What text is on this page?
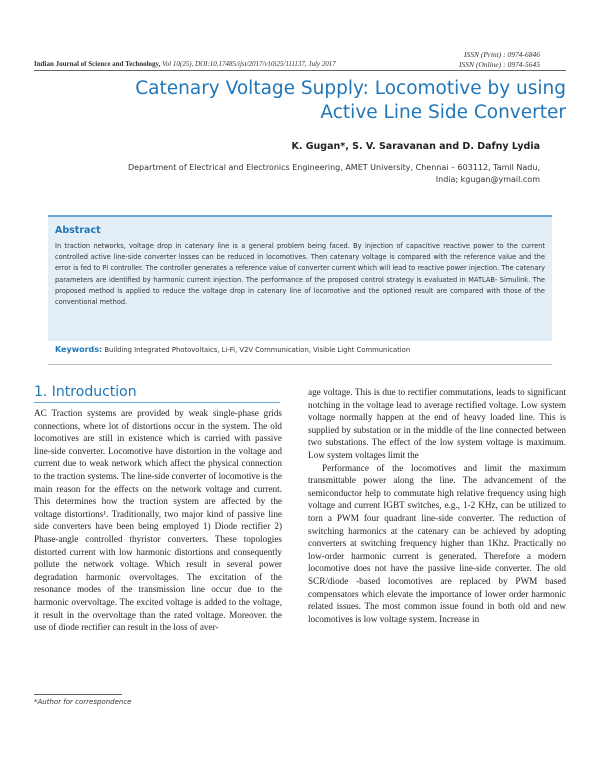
ISSN (Print) : 0974-6846
ISSN (Online) : 0974-5645
Indian Journal of Science and Technology, Vol 10(25), DOI:10.17485/ijst/2017/v10i25/111137, July 2017
Catenary Voltage Supply: Locomotive by using
Active Line Side Converter
K. Gugan*, S. V. Saravanan and D. Dafny Lydia
Department of Electrical and Electronics Engineering, AMET University, Chennai – 603112, Tamil Nadu,
India; kgugan@ymail.com
Abstract
In traction networks, voltage drop in catenary line is a general problem being faced. By injection of capacitive reactive power to the current controlled active line-side converter losses can be reduced in locomotives. Then catenary voltage is compared with the reference value and the error is fed to PI controller. The controller generates a reference value of converter current which will lead to reactive power injection. The catenary parameters are identified by harmonic current injection. The performance of the proposed control strategy is evaluated in MATLAB- Simulink. The proposed method is applied to reduce the voltage drop in catenary line of locomotive and the optioned result are compared with those of the conventional method.
Keywords: Building Integrated Photovoltaics, Li-Fi, V2V Communication, Visible Light Communication
1. Introduction

AC Traction systems are provided by weak single-phase grids connections, where lot of distortions occur in the system. The old locomotives are still in existence which is carried with passive line-side converter. Locomotive have distortion in the voltage and current due to weak network which affect the physical connection to the traction systems. The line-side converter of locomotive is the main reason for the effects on the network voltage and current. This determines how the traction system are affected by the voltage distortions¹. Traditionally, two major kind of passive line side converters have been being employed 1) Diode rectifier 2) Phase-angle controlled thyristor converters. These topologies distorted current with low harmonic distortions and consequently pollute the network voltage. Which result in several power degradation harmonic overvoltages. The excitation of the resonance modes of the transmission line occur due to the harmonic overvoltage. The excited voltage is added to the voltage, it result in the overvoltage than the rated voltage. Moreover. the use of diode rectifier can result in the loss of aver-

age voltage. This is due to rectifier commutations, leads to significant notching in the voltage lead to average rectified voltage. Low system voltage normally happen at the end of heavy loaded line. This is supplied by substation or in the middle of the line connected between two substations. The effect of the low system voltage is maximum. Low system voltages limit the

Performance of the locomotives and limit the maximum transmittable power along the line. The advancement of the semiconductor help to commutate high relative frequency using high voltage and current IGBT switches, e.g., 1-2 KHz, can be utilized to torn a PWM four quadrant line-side converter. The reduction of switching harmonics at the catenary can be achieved by adopting converters at switching frequency higher than 1Khz. Practically no low-order harmonic current is generated. Therefore a modern locomotive does not have the passive line-side converter. The old SCR/diode -based locomotives are replaced by PWM based compensators which elevate the importance of lower order harmonic related issues. The most common issue found in both old and new locomotives is low voltage system. Increase in

*Author for correspondence
